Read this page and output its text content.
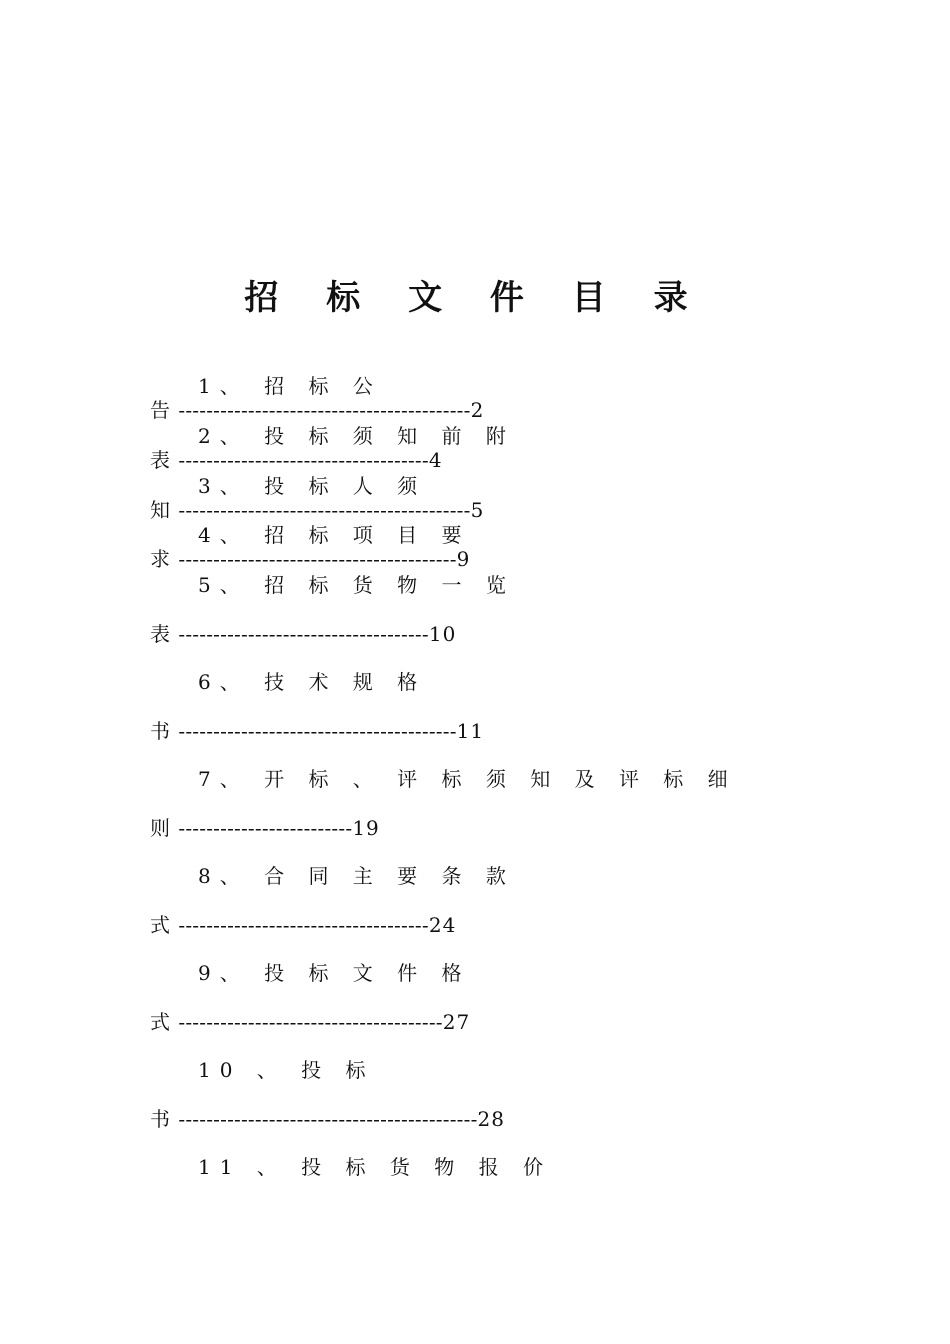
招 标 文 件 目 录
1、 招 标 公
告 ------------------------------------------2
2、 投 标 须 知 前 附
表 ------------------------------------4
3、 投 标 人 须
知 ------------------------------------------5
4、 招 标 项 目 要
求 ----------------------------------------9
5、 招 标 货 物 一 览
表 ------------------------------------10
6、 技 术 规 格
书 ----------------------------------------11
7、 开 标 、 评 标 须 知 及 评 标 细
则 -------------------------19
8、 合 同 主 要 条 款
式 ------------------------------------24
9、 投 标 文 件 格
式 --------------------------------------27
10 、 投 标
书 -------------------------------------------28
11 、 投 标 货 物 报 价
